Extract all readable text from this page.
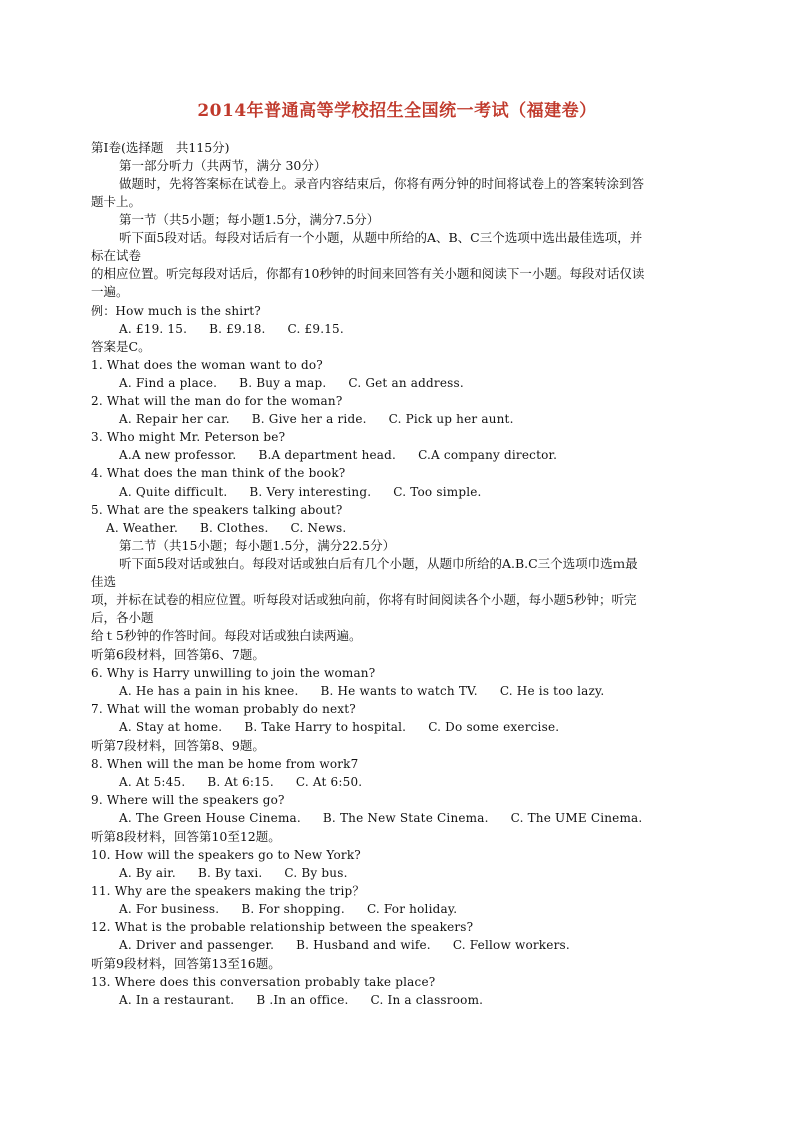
2014年普通高等学校招生全国统一考试（福建卷）
第Ⅰ卷(选择题　共115分)
第一部分听力（共两节，满分 30分）
做题时，先将答案标在试卷上。录音内容结束后，你将有两分钟的时间将试卷上的答案转涂到答
题卡上。
第一节（共5小题；每小题1.5分，满分7.5分）
听下面5段对话。每段对话后有一个小题，从题中所给的A、B、C三个选项中选出最佳选项，并
标在试卷
的相应位置。听完每段对话后，你都有10秒钟的时间来回答有关小题和阅读下一小题。每段对话仅读
一遍。
例：How much is the shirt?
A. £19. 15. B. £9.18. C. £9.15.
答案是C。
1. What does the woman want to do?
A. Find a place. B. Buy a map. C. Get an address.
2. What will the man do for the woman?
A. Repair her car. B. Give her a ride. C. Pick up her aunt.
3. Who might Mr. Peterson be?
A.A new professor. B.A department head. C.A company director.
4. What does the man think of the book?
A. Quite difficult. B. Very interesting. C. Too simple.
5. What are the speakers talking about?
A. Weather. B. Clothes. C. News.
第二节（共15小题；每小题1.5分，满分22.5分）
听下面5段对话或独白。每段对话或独白后有几个小题，从题巾所给的A.B.C三个选项巾选ｍ最
佳选
项，并标在试卷的相应位置。听每段对话或独向前，你将有时间阅读各个小题，每小题5秒钟；听完
后，各小题
给ｔ5秒钟的作答时间。每段对话或独白读两遍。
听第6段材料，回答第6、7题。
6. Why is Harry unwilling to join the woman?
A. He has a pain in his knee. B. He wants to watch TV. C. He is too lazy.
7. What will the woman probably do next?
A. Stay at home. B. Take Harry to hospital. C. Do some exercise.
听第7段材料，回答第8、9题。
8. When will the man be home from work7
A. At 5:45. B. At 6:15. C. At 6:50.
9. Where will the speakers go?
A. The Green House Cinema. B. The New State Cinema. C. The UME Cinema.
听第8段材料，回答第10至12题。
10. How will the speakers go to New York?
A. By air. B. By taxi. C. By bus.
11. Why are the speakers making the trip？
A. For business. B. For shopping. C. For holiday.
12. What is the probable relationship between the speakers?
A. Driver and passenger. B. Husband and wife. C. Fellow workers.
听第9段材料，回答第13至16题。
13. Where does this conversation probably take place?
A. In a restaurant. B .In an office. C. In a classroom.
